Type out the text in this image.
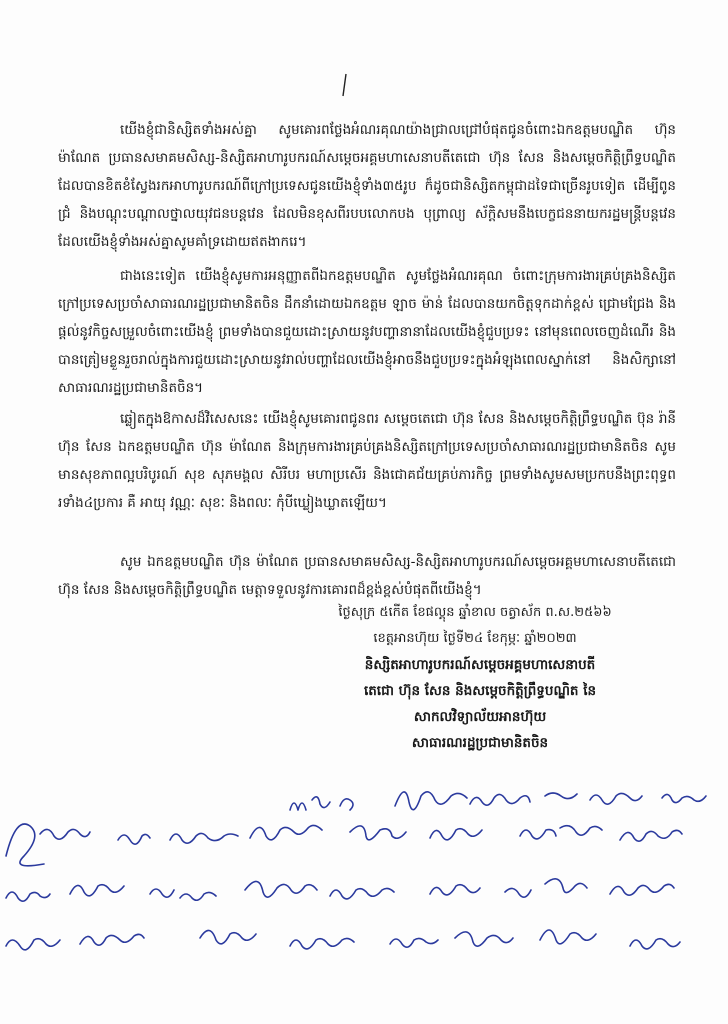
យើងខ្ញុំជានិស្សិតទាំងអស់គ្នា សូមគោរពថ្លែងអំណរគុណយ៉ាងជ្រាលជ្រៅបំផុតជូនចំពោះឯកឧត្តមបណ្ឌិត ហ៊ុន ម៉ាណែត ប្រធានសមាគមសិស្ស-និស្សិតអាហារូបករណ៍សម្ដេចអគ្គមហាសេនាបតីតេជោ ហ៊ុន សែន និងសម្ដេចកិត្តិព្រឹទ្ធបណ្ឌិត ដែលបានខិតខំស្វែងរកអាហារូបករណ៍ពីក្រៅប្រទេសជូនយើងខ្ញុំទាំង៣៥រូប ក៏ដូចជានិស្សិតកម្ពុជាដទៃជាច្រើនរូបទៀត ដើម្បីពូនជ្រំ និងបណ្ដុះបណ្ដាលថ្នាលយុវជនបន្តវេន ដែលមិនខុសពីរបបលោកបង បុព្រាល្យ ស័ក្តិសមនឹងបេក្ខជននាយករដ្ឋមន្ត្រីបន្តវេន ដែលយើងខ្ញុំទាំងអស់គ្នាសូមគាំទ្រដោយឥតងាករេ។

ជាងនេះទៀត យើងខ្ញុំសូមការអនុញ្ញាតពីឯកឧត្តមបណ្ឌិត សូមថ្លែងអំណរគុណ ចំពោះក្រុមការងារគ្រប់គ្រងនិស្សិតក្រៅប្រទេសប្រចាំសាធារណរដ្ឋប្រជាមានិតចិន ដឹកនាំដោយឯកឧត្តម ឡាច ម៉ាន់ ដែលបានយកចិត្តទុកដាក់ខ្ពស់ ជ្រោមជ្រែង និងផ្ដល់នូវកិច្ចសម្រួលចំពោះយើងខ្ញុំ ព្រមទាំងបានជួយដោះស្រាយនូវបញ្ហានានាដែលយើងខ្ញុំជួបប្រទះ នៅមុនពេលចេញដំណើរ និងបានត្រៀមខ្លួនរួចរាល់ក្នុងការជួយដោះស្រាយនូវរាល់បញ្ហាដែលយើងខ្ញុំអាចនឹងជួបប្រទះក្នុងអំឡុងពេលស្នាក់នៅ និងសិក្សានៅសាធារណរដ្ឋប្រជាមានិតចិន។

ឆ្លៀតក្នុងឱកាសដ៏វិសេសនេះ យើងខ្ញុំសូមគោរពជូនពរ សម្ដេចតេជោ ហ៊ុន សែន និងសម្ដេចកិត្តិព្រឹទ្ធបណ្ឌិត ប៊ុន រ៉ានី ហ៊ុន សែន ឯកឧត្តមបណ្ឌិត ហ៊ុន ម៉ាណែត និងក្រុមការងារគ្រប់គ្រងនិស្សិតក្រៅប្រទេសប្រចាំសាធារណរដ្ឋប្រជាមានិតចិន សូមមានសុខភាពល្អបរិបូរណ៍ សុខ សុភមង្គល សិរីបរ មហាប្រសើរ និងជោគជ័យគ្រប់ភារកិច្ច ព្រមទាំងសូមសមប្រកបនឹងព្រះពុទ្ធពរទាំង៤ប្រការ គឺ អាយុ វណ្ណៈ សុខៈ និងពលៈ កុំបីឃ្លៀងឃ្លាតឡើយ។

សូម ឯកឧត្តមបណ្ឌិត ហ៊ុន ម៉ាណែត ប្រធានសមាគមសិស្ស-និស្សិតអាហារូបករណ៍សម្ដេចអគ្គមហាសេនាបតីតេជោ ហ៊ុន សែន និងសម្ដេចកិត្តិព្រឹទ្ធបណ្ឌិត មេត្តាទទួលនូវការគោរពដ៏ខ្ពង់ខ្ពស់បំផុតពីយើងខ្ញុំ។

ថ្ងៃសុក្រ ៥កើត ខែផល្គុន ឆ្នាំខាល ចត្វាស័ក ព.ស.២៥៦៦
ខេត្តអានហ៊ុយ ថ្ងៃទី២៤ ខែកុម្ភៈ ឆ្នាំ២០២៣
និស្សិតអាហារូបករណ៍សម្ដេចអគ្គមហាសេនាបតី
តេជោ ហ៊ុន សែន និងសម្ដេចកិត្តិព្រឹទ្ធបណ្ឌិត នៃ
សាកលវិទ្យាល័យអានហ៊ុយ
សាធារណរដ្ឋប្រជាមានិតចិន
